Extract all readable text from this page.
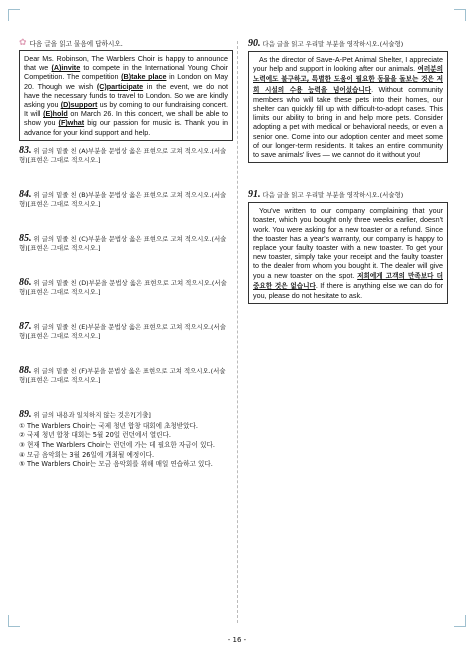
✿ 다음 글을 읽고 물음에 답하시오.

Dear Ms. Robinson, The Warblers Choir is happy to announce that we (A)invite to compete in the International Young Choir Competition. The competition (B)take place in London on May 20. Though we wish (C)participate in the event, we do not have the necessary funds to travel to London. So we are kindly asking you (D)support us by coming to our fundraising concert. It will (E)hold on March 26. In this concert, we shall be able to show you (F)what big our passion for music is. Thank you in advance for your kind support and help.

83. 위 글의 밑줄 친 (A)부분을 문법상 옳은 표현으로 고쳐 적으시오.(서술형)[표현은 그대로 적으시오.]
84. 위 글의 밑줄 친 (B)부분을 문법상 옳은 표현으로 고쳐 적으시오.(서술형)[표현은 그대로 적으시오.]
85. 위 글의 밑줄 친 (C)부분을 문법상 옳은 표현으로 고쳐 적으시오.(서술형)[표현은 그대로 적으시오.]
86. 위 글의 밑줄 친 (D)부분을 문법상 옳은 표현으로 고쳐 적으시오.(서술형)[표현은 그대로 적으시오.]
87. 위 글의 밑줄 친 (E)부분을 문법상 옳은 표현으로 고쳐 적으시오.(서술형)[표현은 그대로 적으시오.]
88. 위 글의 밑줄 친 (F)부분을 문법상 옳은 표현으로 고쳐 적으시오.(서술형)[표현은 그대로 적으시오.]
89. 위 글의 내용과 일치하지 않는 것은?[기출]
① The Warblers Choir는 국제 청년 합창 대회에 초청받았다.
② 국제 청년 합창 대회는 5월 20일 런던에서 열린다.
③ 현재 The Warblers Choir는 런던에 가는 데 필요한 자금이 있다.
④ 모금 음악회는 3월 26일에 개최될 예정이다.
⑤ The Warblers Choir는 모금 음악회를 위해 매일 연습하고 있다.
90. 다음 글을 읽고 우리말 부분을 영작하시오.(서술형)

As the director of Save-A-Pet Animal Shelter, I appreciate your help and support in looking after our animals. 여러분의 노력에도 불구하고, 특별한 도움이 필요한 동물을 돌보는 것은 저희 시설의 수용 능력을 넘어섰습니다. Without community members who will take these pets into their homes, our shelter can quickly fill up with difficult-to-adopt cases. This limits our ability to bring in and help more pets. Consider adopting a pet with medical or behavioral needs, or even a senior one. Come into our adoption center and meet some of our longer-term residents. It takes an entire community to save animals' lives — we cannot do it without you!

91. 다음 글을 읽고 우리말 부분을 영작하시오.(서술형)

You've written to our company complaining that your toaster, which you bought only three weeks earlier, doesn't work. You were asking for a new toaster or a refund. Since the toaster has a year's warranty, our company is happy to replace your faulty toaster with a new toaster. To get your new toaster, simply take your receipt and the faulty toaster to the dealer from whom you bought it. The dealer will give you a new toaster on the spot. 저희에게 고객의 만족보다 더 중요한 것은 없습니다. If there is anything else we can do for you, please do not hesitate to ask.

- 16 -
